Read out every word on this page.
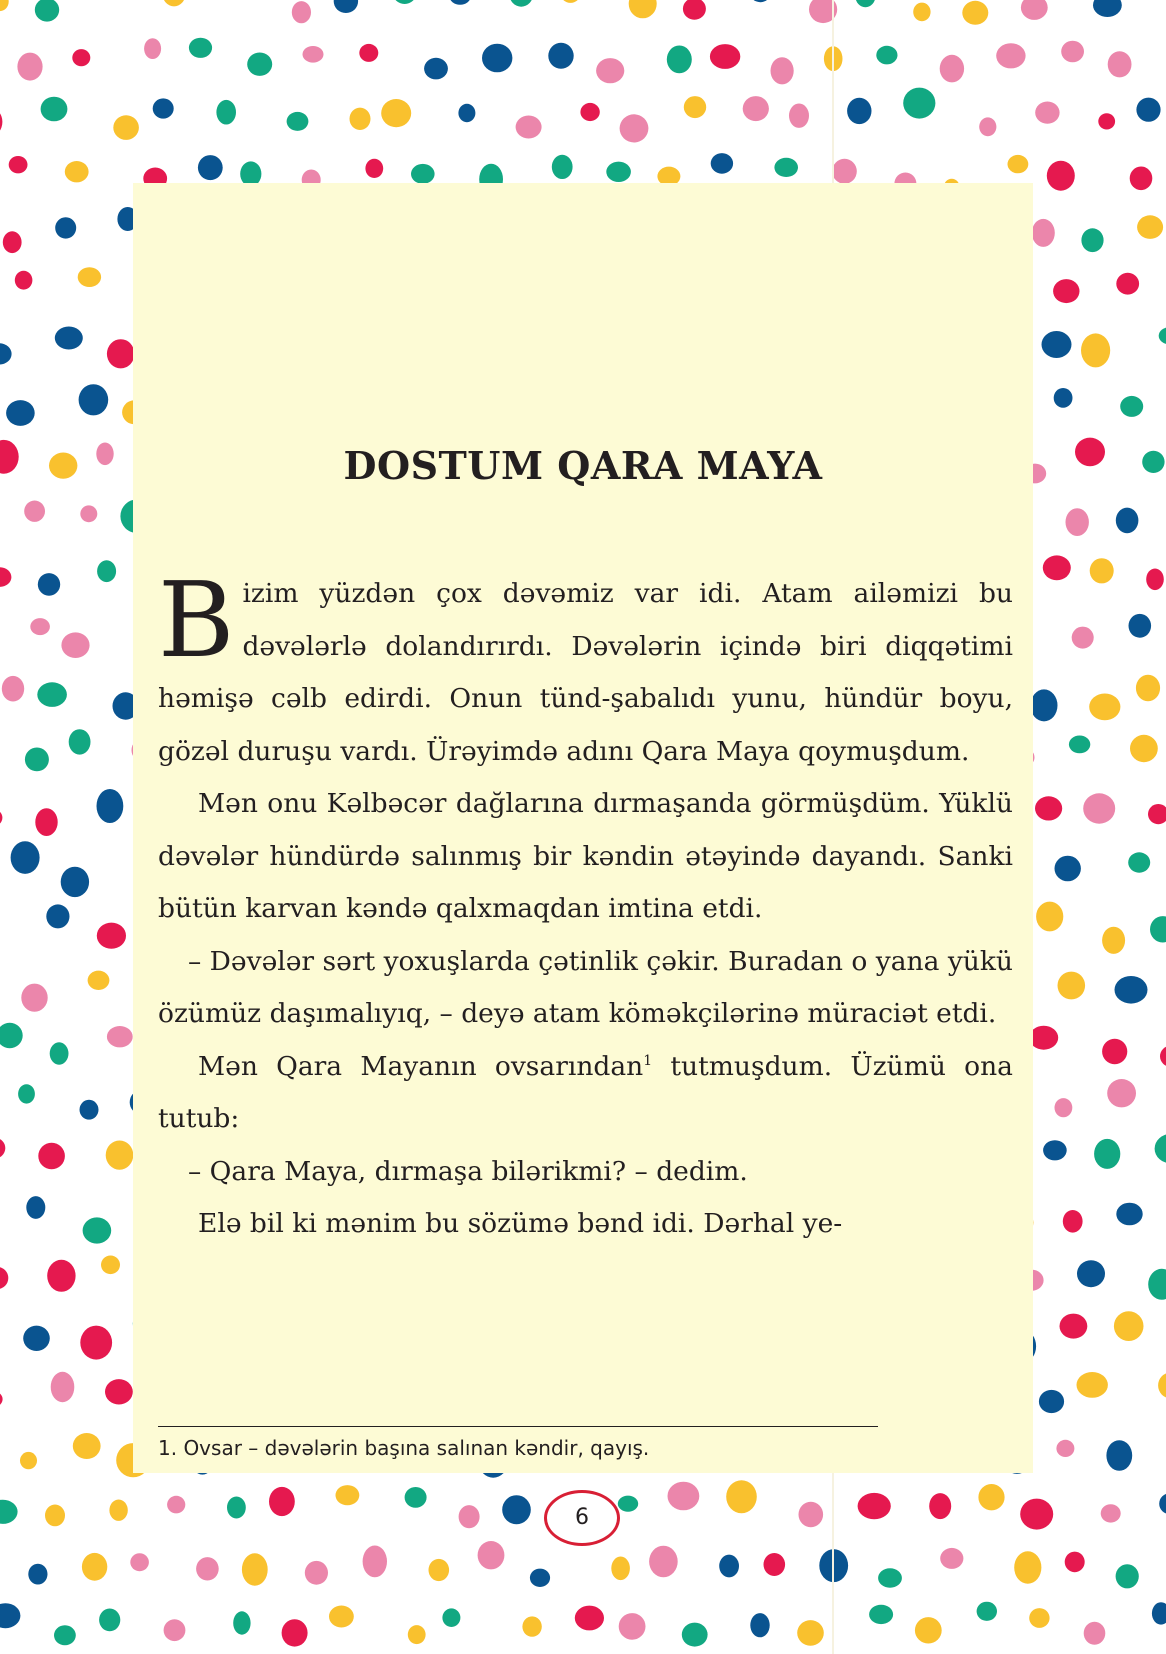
DOSTUM QARA MAYA

Bizim yüzdən çox dəvəmiz var idi. Atam ailəmizi bu dəvələrlə dolandırırdı. Dəvələrin içində biri diqqətimi həmişə cəlb edirdi. Onun tünd-şabalıdı yunu, hündür boyu, gözəl duruşu vardı. Ürəyimdə adını Qara Maya qoymuşdum.

Mən onu Kəlbəcər dağlarına dırmaşanda görmüşdüm. Yüklü dəvələr hündürdə salınmış bir kəndin ətəyində dayandı. Sanki bütün karvan kəndə qalxmaqdan imtina etdi.

– Dəvələr sərt yoxuşlarda çətinlik çəkir. Buradan o yana yükü özümüz daşımalıyıq, – deyə atam köməkçilərinə müraciət etdi.

Mən Qara Mayanın ovsarından$^1$ tutmuşdum. Üzümü ona tutub:

– Qara Maya, dırmaşa bilərikmi? – dedim.

Elə bil ki mənim bu sözümə bənd idi. Dərhal ye-

1. Ovsar – dəvələrin başına salınan kəndir, qayış.
6
